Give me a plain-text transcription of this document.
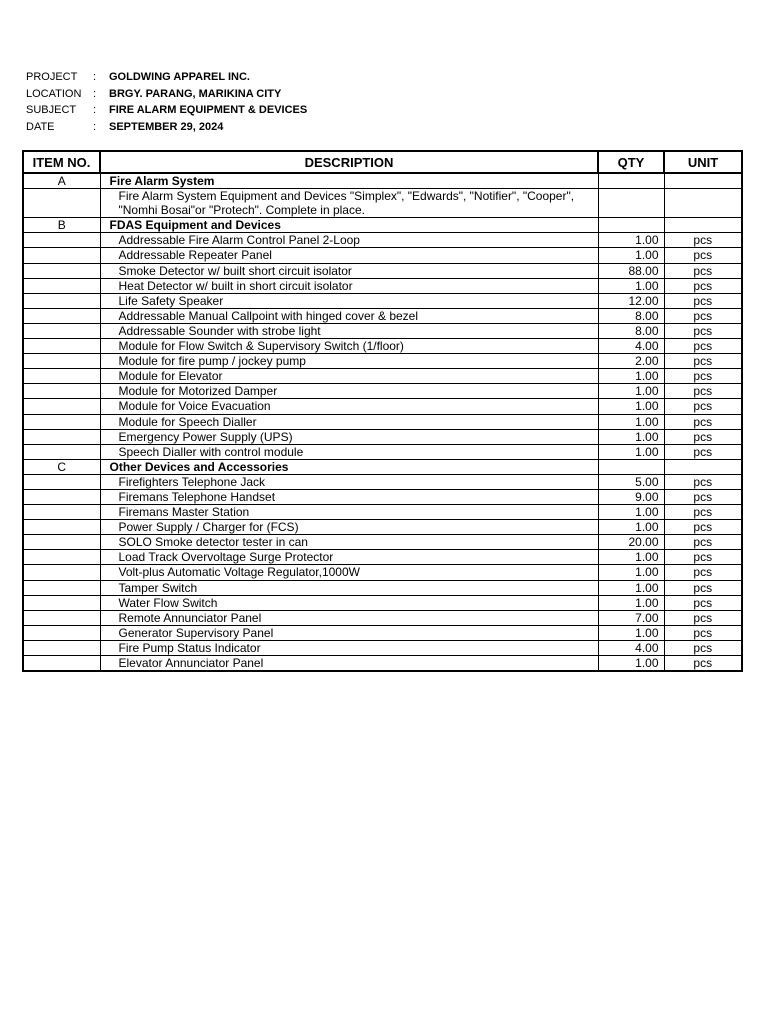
PROJECT	:	GOLDWING APPAREL INC.
LOCATION	:	BRGY. PARANG, MARIKINA CITY
SUBJECT	:	FIRE ALARM EQUIPMENT & DEVICES
DATE	:	SEPTEMBER 29, 2024
ITEM NO.	DESCRIPTION	QTY	UNIT
A	Fire Alarm System		
	Fire Alarm System Equipment and Devices "Simplex", "Edwards", "Notifier", "Cooper",		
	"Nomhi Bosai"or "Protech". Complete in place.		
B	FDAS Equipment and Devices		
	Addressable Fire Alarm Control Panel 2-Loop	1.00	pcs
	Addressable Repeater Panel	1.00	pcs
	Smoke Detector w/ built short circuit isolator	88.00	pcs
	Heat Detector w/ built in short circuit isolator	1.00	pcs
	Life Safety Speaker	12.00	pcs
	Addressable Manual Callpoint with hinged cover & bezel	8.00	pcs
	Addressable Sounder with strobe light	8.00	pcs
	Module for Flow Switch & Supervisory Switch (1/floor)	4.00	pcs
	Module for fire pump / jockey pump	2.00	pcs
	Module for Elevator	1.00	pcs
	Module for Motorized Damper	1.00	pcs
	Module for Voice Evacuation	1.00	pcs
	Module for Speech Dialler	1.00	pcs
	Emergency Power Supply (UPS)	1.00	pcs
	Speech Dialler with control module	1.00	pcs
C	Other Devices and Accessories		
	Firefighters Telephone Jack	5.00	pcs
	Firemans Telephone Handset	9.00	pcs
	Firemans Master Station	1.00	pcs
	Power Supply / Charger for (FCS)	1.00	pcs
	SOLO Smoke detector tester in can	20.00	pcs
	Load Track Overvoltage Surge Protector	1.00	pcs
	Volt-plus Automatic Voltage Regulator,1000W	1.00	pcs
	Tamper Switch	1.00	pcs
	Water Flow Switch	1.00	pcs
	Remote Annunciator Panel	7.00	pcs
	Generator Supervisory Panel	1.00	pcs
	Fire Pump Status Indicator	4.00	pcs
	Elevator Annunciator Panel	1.00	pcs
